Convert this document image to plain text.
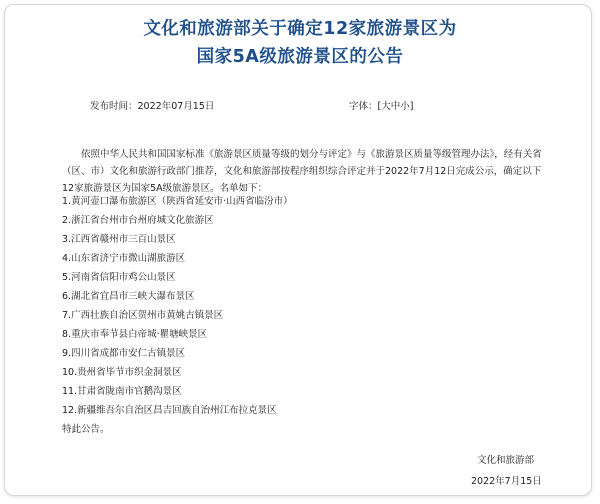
文化和旅游部关于确定12家旅游景区为
国家5A级旅游景区的公告
发布时间：2022年07月15日	字体：[大中小]

依照中华人民共和国国家标准《旅游景区质量等级的划分与评定》与《旅游景区质量等级管理办法》，经有关省（区、市）文化和旅游行政部门推荐，文化和旅游部按程序组织综合评定并于2022年7月12日完成公示，确定以下12家旅游景区为国家5A级旅游景区。名单如下：

1.黄河壶口瀑布旅游区（陕西省延安市·山西省临汾市）
2.浙江省台州市台州府城文化旅游区
3.江西省赣州市三百山景区
4.山东省济宁市微山湖旅游区
5.河南省信阳市鸡公山景区
6.湖北省宜昌市三峡大瀑布景区
7.广西壮族自治区贺州市黄姚古镇景区
8.重庆市奉节县白帝城·瞿塘峡景区
9.四川省成都市安仁古镇景区
10.贵州省毕节市织金洞景区
11.甘肃省陇南市官鹅沟景区
12.新疆维吾尔自治区昌吉回族自治州江布拉克景区
特此公告。
文化和旅游部
2022年7月15日
